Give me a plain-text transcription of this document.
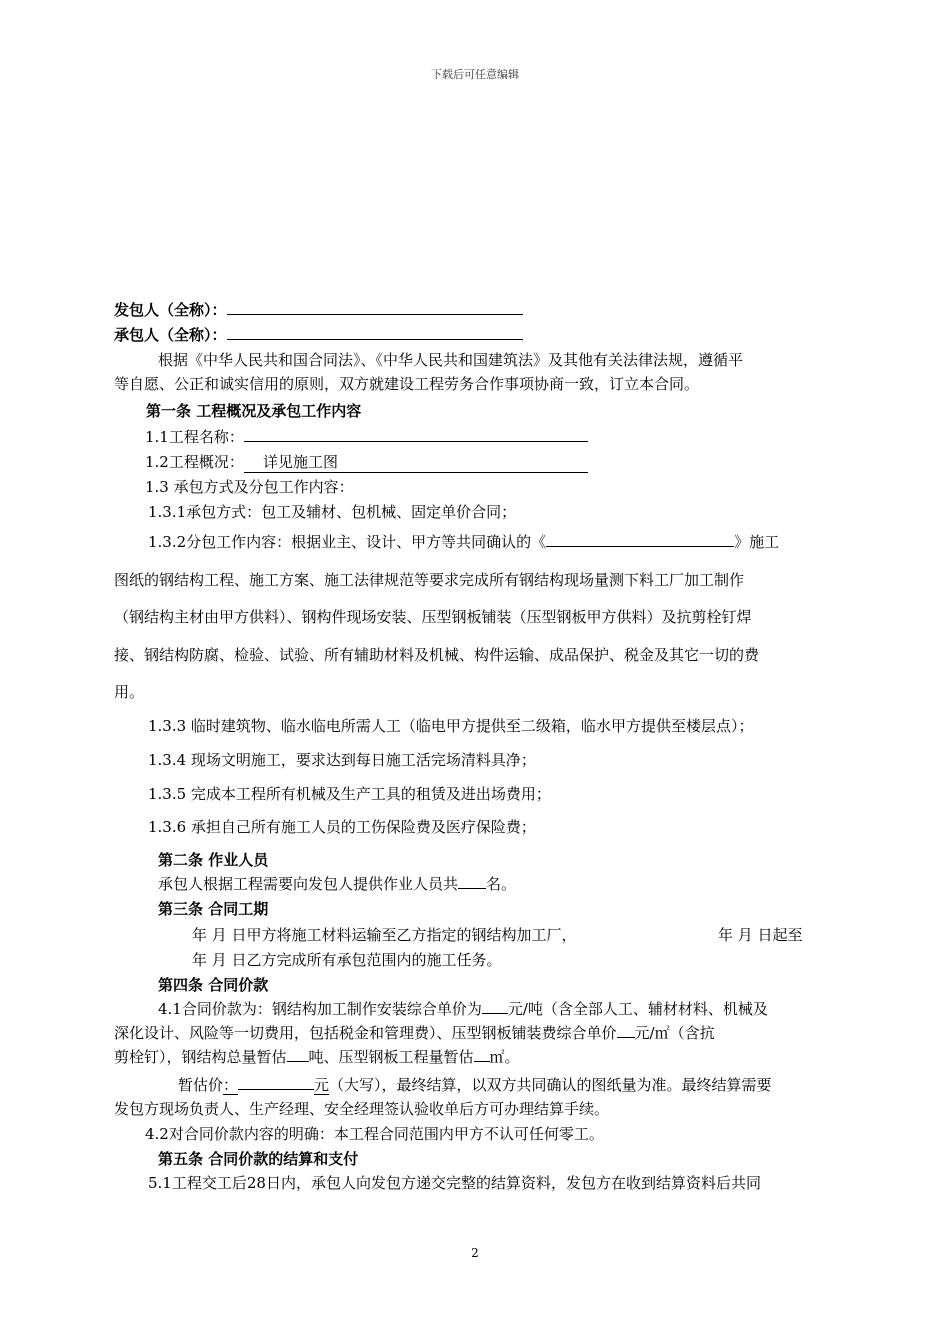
下载后可任意编辑
发包人（全称）：
承包人（全称）：
根据《中华人民共和国合同法》、《中华人民共和国建筑法》及其他有关法律法规，遵循平
等自愿、公正和诚实信用的原则，双方就建设工程劳务合作事项协商一致，订立本合同。
第一条 工程概况及承包工作内容
1.1工程名称：
1.2工程概况： 详见施工图
1.3 承包方式及分包工作内容：
1.3.1承包方式：包工及辅材、包机械、固定单价合同；
1.3.2分包工作内容：根据业主、设计、甲方等共同确认的《	》施工
图纸的钢结构工程、施工方案、施工法律规范等要求完成所有钢结构现场量测下料工厂加工制作
（钢结构主材由甲方供料）、钢构件现场安装、压型钢板铺装（压型钢板甲方供料）及抗剪栓钉焊
接、钢结构防腐、检验、试验、所有辅助材料及机械、构件运输、成品保护、税金及其它一切的费
用。
1.3.3 临时建筑物、临水临电所需人工（临电甲方提供至二级箱，临水甲方提供至楼层点）；
1.3.4 现场文明施工，要求达到每日施工活完场清料具净；
1.3.5 完成本工程所有机械及生产工具的租赁及进出场费用；
1.3.6 承担自己所有施工人员的工伤保险费及医疗保险费；
第二条 作业人员
承包人根据工程需要向发包人提供作业人员共 名。
第三条 合同工期
年 月 日甲方将施工材料运输至乙方指定的钢结构加工厂，	年 月 日起至
年 月 日乙方完成所有承包范围内的施工任务。
第四条 合同价款
4.1合同价款为：钢结构加工制作安装综合单价为 元/吨（含全部人工、辅材材料、机械及
深化设计、风险等一切费用，包括税金和管理费）、压型钢板铺装费综合单价 元/㎡（含抗
剪栓钉），钢结构总量暂估 吨、压型钢板工程量暂估 ㎡。
暂估价：	元（大写），最终结算，以双方共同确认的图纸量为准。最终结算需要
发包方现场负责人、生产经理、安全经理签认验收单后方可办理结算手续。
4.2对合同价款内容的明确：本工程合同范围内甲方不认可任何零工。
第五条 合同价款的结算和支付
5.1工程交工后28日内，承包人向发包方递交完整的结算资料，发包方在收到结算资料后共同
2
